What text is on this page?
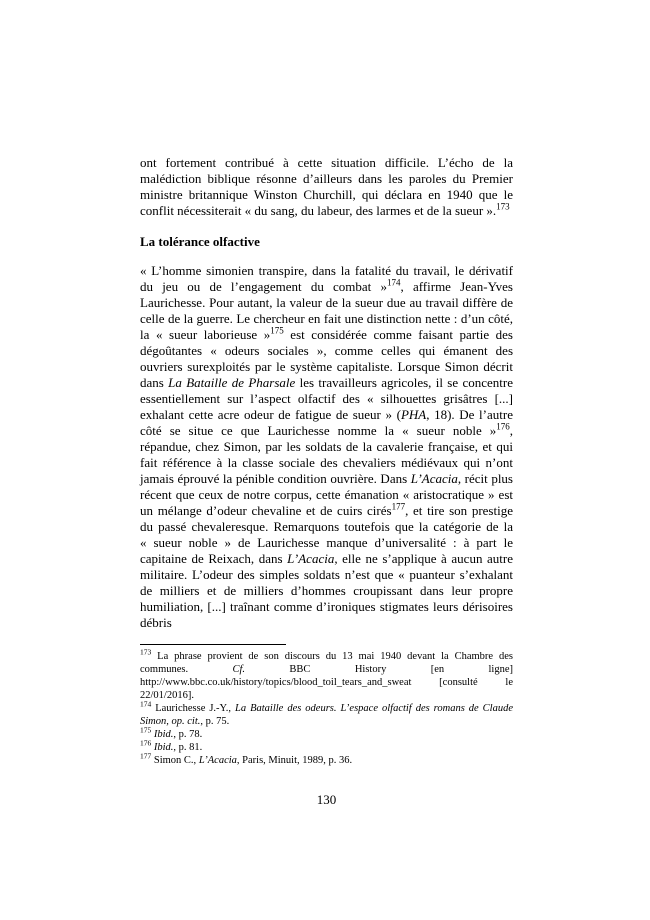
ont fortement contribué à cette situation difficile. L’écho de la malédiction biblique résonne d’ailleurs dans les paroles du Premier ministre britannique Winston Churchill, qui déclara en 1940 que le conflit nécessiterait « du sang, du labeur, des larmes et de la sueur ».$^{173}$

La tolérance olfactive

« L’homme simonien transpire, dans la fatalité du travail, le dérivatif du jeu ou de l’engagement du combat »$^{174}$, affirme Jean-Yves Laurichesse. Pour autant, la valeur de la sueur due au travail diffère de celle de la guerre. Le chercheur en fait une distinction nette : d’un côté, la « sueur laborieuse »$^{175}$ est considérée comme faisant partie des dégoûtantes « odeurs sociales », comme celles qui émanent des ouvriers surexploités par le système capitaliste. Lorsque Simon décrit dans La Bataille de Pharsale les travailleurs agricoles, il se concentre essentiellement sur l’aspect olfactif des « silhouettes grisâtres [...] exhalant cette acre odeur de fatigue de sueur » (PHA, 18). De l’autre côté se situe ce que Laurichesse nomme la « sueur noble »$^{176}$, répandue, chez Simon, par les soldats de la cavalerie française, et qui fait référence à la classe sociale des chevaliers médiévaux qui n’ont jamais éprouvé la pénible condition ouvrière. Dans L’Acacia, récit plus récent que ceux de notre corpus, cette émanation « aristocratique » est un mélange d’odeur chevaline et de cuirs cirés$^{177}$, et tire son prestige du passé chevaleresque. Remarquons toutefois que la catégorie de la « sueur noble » de Laurichesse manque d’universalité : à part le capitaine de Reixach, dans L’Acacia, elle ne s’applique à aucun autre militaire. L’odeur des simples soldats n’est que « puanteur s’exhalant de milliers et de milliers d’hommes croupissant dans leur propre humiliation, [...] traînant comme d’ironiques stigmates leurs dérisoires débris

$^{173}$ La phrase provient de son discours du 13 mai 1940 devant la Chambre des communes. Cf. BBC History [en ligne] http://www.bbc.co.uk/history/topics/blood_toil_tears_and_sweat [consulté le 22/01/2016].

$^{174}$ Laurichesse J.-Y., La Bataille des odeurs. L’espace olfactif des romans de Claude Simon, op. cit., p. 75.

$^{175}$ Ibid., p. 78.

$^{176}$ Ibid., p. 81.

$^{177}$ Simon C., L’Acacia, Paris, Minuit, 1989, p. 36.

130
